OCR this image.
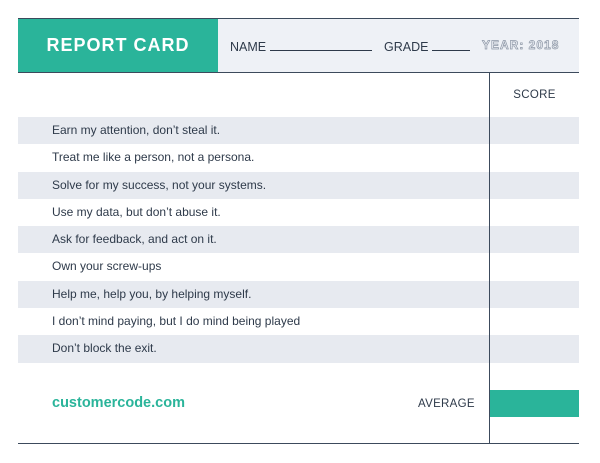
REPORT CARD	NAME	GRADE	YEAR: 2018
SCORE
Earn my attention, don’t steal it.
Treat me like a person, not a persona.
Solve for my success, not your systems.
Use my data, but don’t abuse it.
Ask for feedback, and act on it.
Own your screw-ups
Help me, help you, by helping myself.
I don’t mind paying, but I do mind being played
Don’t block the exit.
customercode.com	AVERAGE
